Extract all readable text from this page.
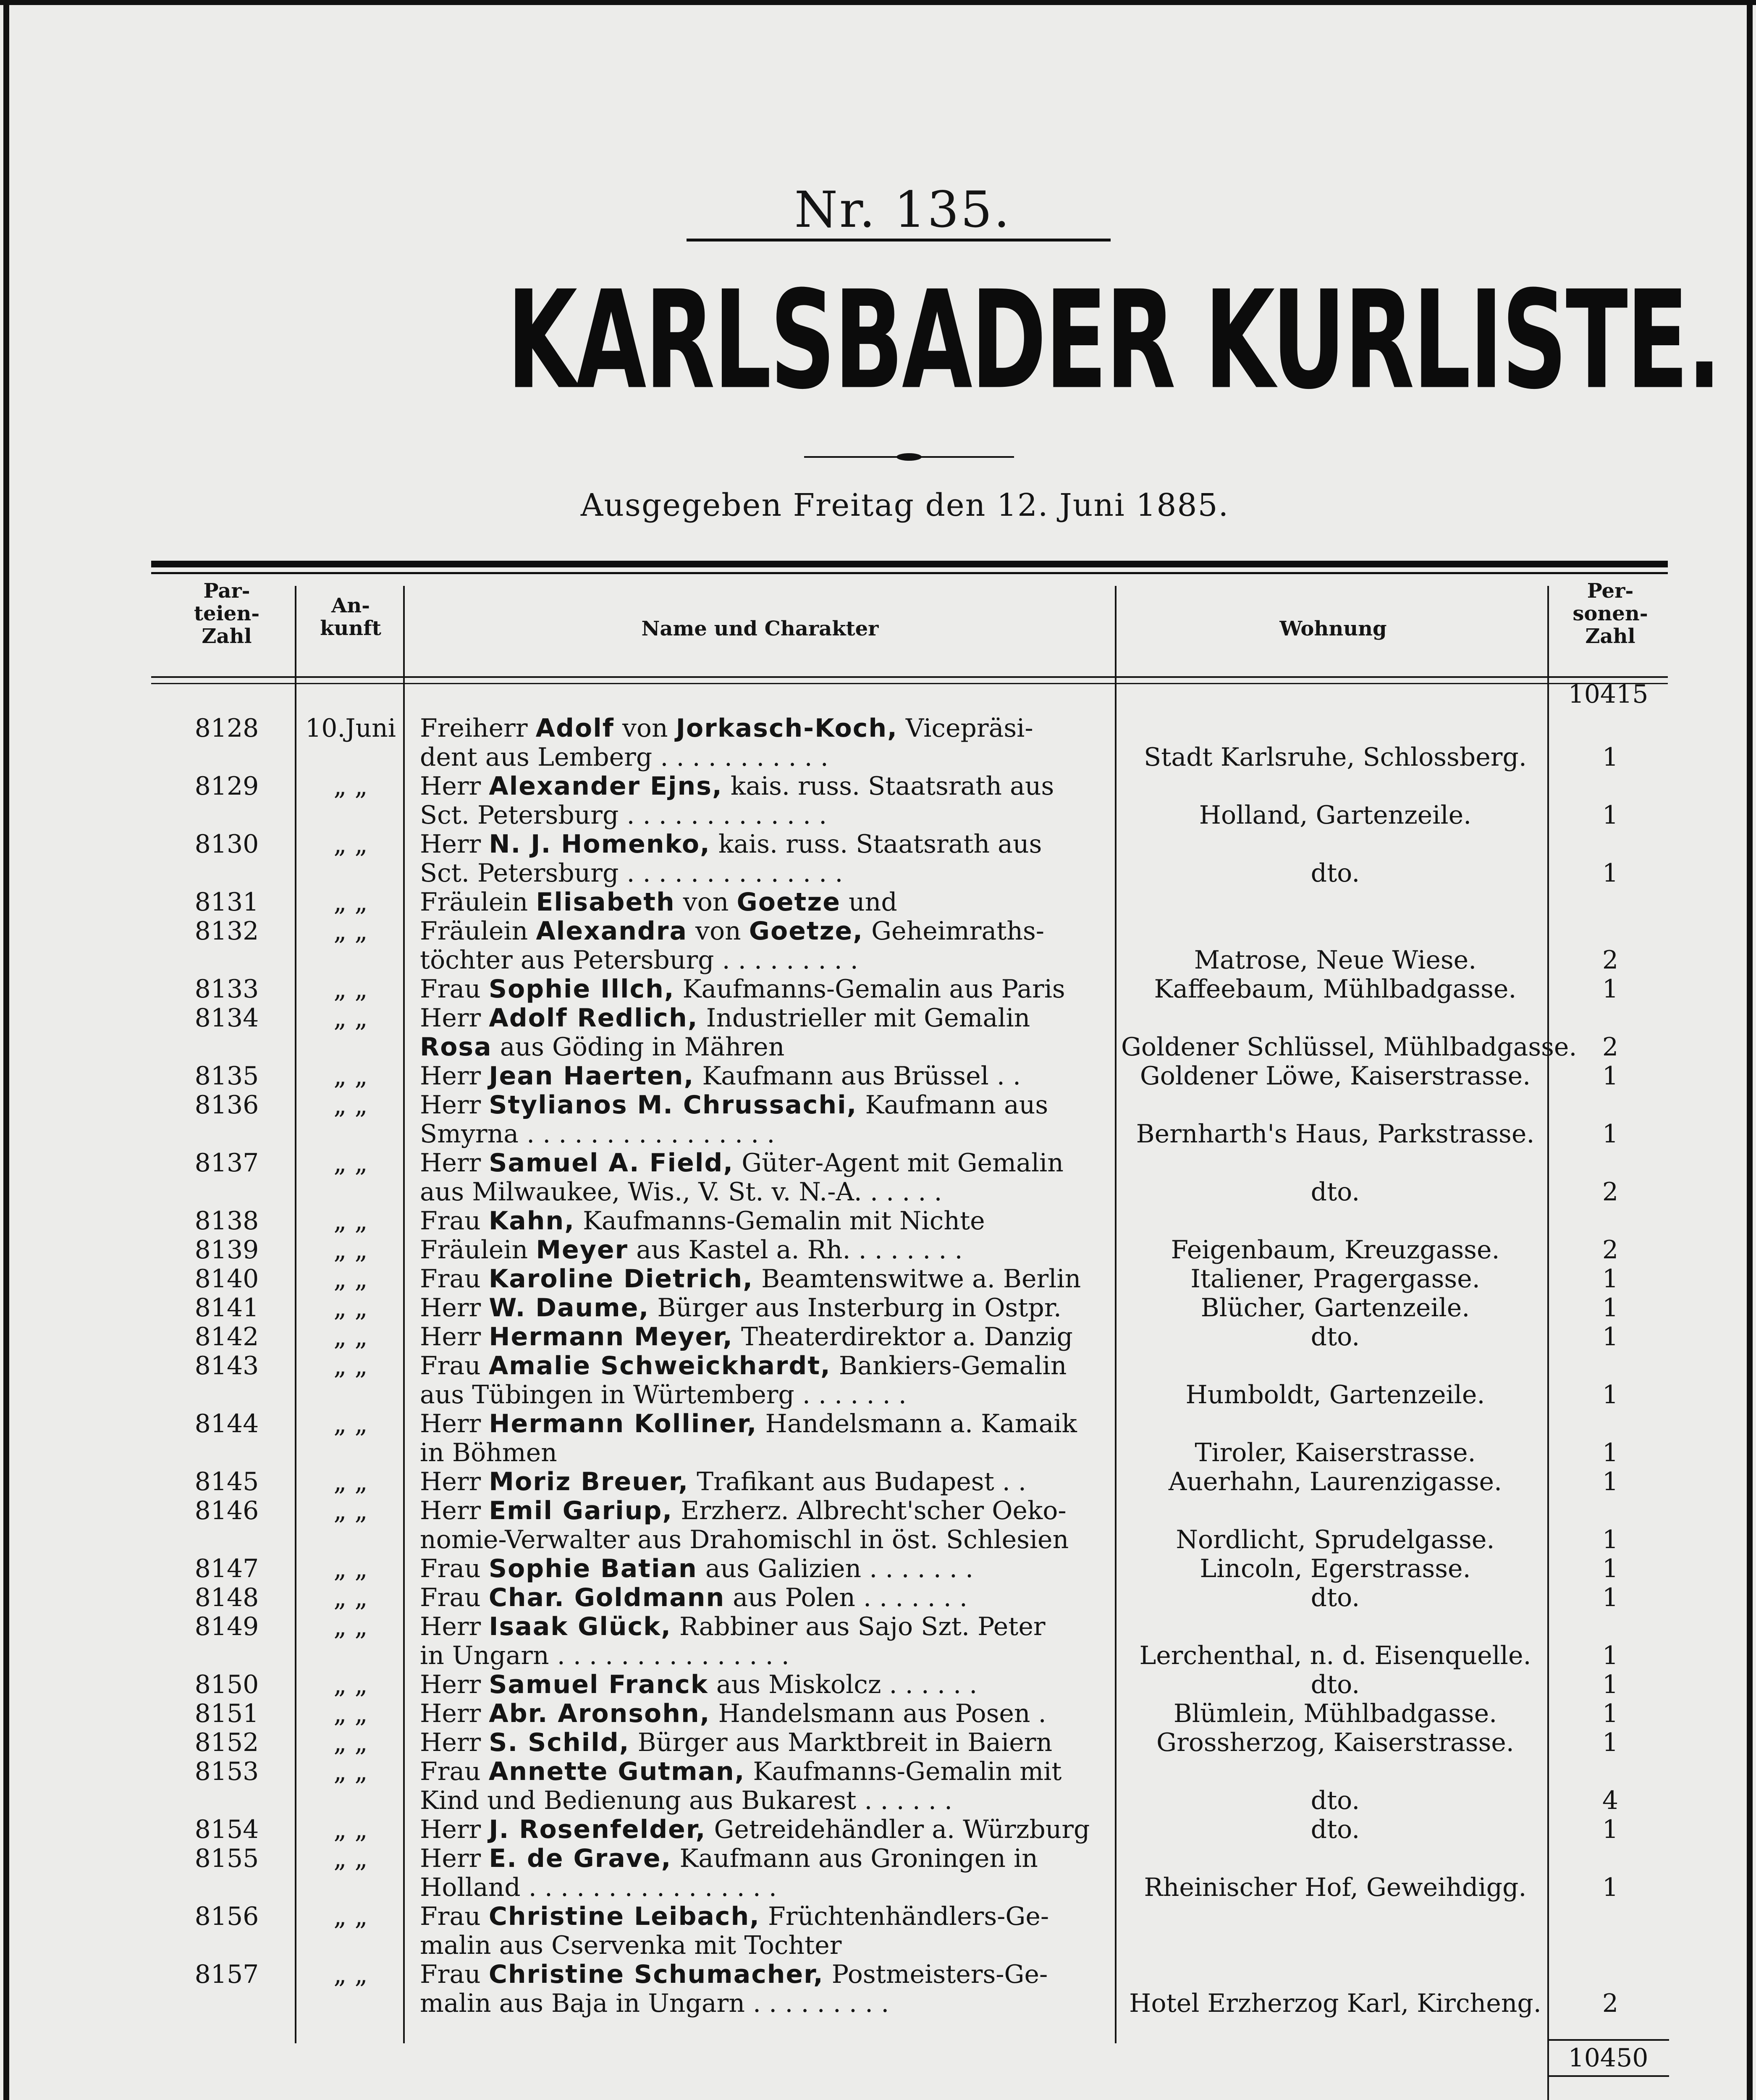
Nr. 135.
KARLSBADER KURLISTE.
Ausgegeben Freitag den 12. Juni 1885.
Par-
teien-
Zahl
An-
kunft	Name und Charakter	Wohnung
Per-
sonen-
Zahl
10415
8128	10.Juni Freiherr Adolf von Jorkasch-Koch, Vicepräsi-
dent aus Lemberg . . . . . . . . . . .	Stadt Karlsruhe, Schlossberg.	1
8129	„ „	Herr Alexander Ejns, kais. russ. Staatsrath aus
Sct. Petersburg . . . . . . . . . . . . .	Holland, Gartenzeile.	1
8130	„ „	Herr N. J. Homenko, kais. russ. Staatsrath aus
Sct. Petersburg . . . . . . . . . . . . . .	dto.	1
8131	„ „	Fräulein Elisabeth von Goetze und
8132	„ „	Fräulein Alexandra von Goetze, Geheimraths-
töchter aus Petersburg . . . . . . . . .	Matrose, Neue Wiese.	2
8133	„ „	Frau Sophie Illch, Kaufmanns-Gemalin aus Paris	Kaffeebaum, Mühlbadgasse.	1
8134	„ „	Herr Adolf Redlich, Industrieller mit Gemalin
Rosa aus Göding in Mähren	Goldener Schlüssel, Mühlbadgasse.	2
8135	„ „	Herr Jean Haerten, Kaufmann aus Brüssel . .	Goldener Löwe, Kaiserstrasse.	1
8136	„ „	Herr Stylianos M. Chrussachi, Kaufmann aus
Smyrna . . . . . . . . . . . . . . . .	Bernharth's Haus, Parkstrasse.	1
8137	„ „	Herr Samuel A. Field, Güter-Agent mit Gemalin
aus Milwaukee, Wis., V. St. v. N.-A. . . . . .	dto.	2
8138	„ „	Frau Kahn, Kaufmanns-Gemalin mit Nichte
8139	„ „	Fräulein Meyer aus Kastel a. Rh. . . . . . . .	Feigenbaum, Kreuzgasse.	2
8140	„ „	Frau Karoline Dietrich, Beamtenswitwe a. Berlin	Italiener, Pragergasse.	1
8141	„ „	Herr W. Daume, Bürger aus Insterburg in Ostpr.	Blücher, Gartenzeile.	1
8142	„ „	Herr Hermann Meyer, Theaterdirektor a. Danzig	dto.	1
8143	„ „	Frau Amalie Schweickhardt, Bankiers-Gemalin
aus Tübingen in Würtemberg . . . . . . .	Humboldt, Gartenzeile.	1
8144	„ „	Herr Hermann Kolliner, Handelsmann a. Kamaik
in Böhmen	Tiroler, Kaiserstrasse.	1
8145	„ „	Herr Moriz Breuer, Trafikant aus Budapest . .	Auerhahn, Laurenzigasse.	1
8146	„ „	Herr Emil Gariup, Erzherz. Albrecht'scher Oeko-
nomie-Verwalter aus Drahomischl in öst. Schlesien	Nordlicht, Sprudelgasse.	1
8147	„ „	Frau Sophie Batian aus Galizien . . . . . . .	Lincoln, Egerstrasse.	1
8148	„ „	Frau Char. Goldmann aus Polen . . . . . . .	dto.	1
8149	„ „	Herr Isaak Glück, Rabbiner aus Sajo Szt. Peter
in Ungarn . . . . . . . . . . . . . . .	Lerchenthal, n. d. Eisenquelle.	1
8150	„ „	Herr Samuel Franck aus Miskolcz . . . . . .	dto.	1
8151	„ „	Herr Abr. Aronsohn, Handelsmann aus Posen .	Blümlein, Mühlbadgasse.	1
8152	„ „	Herr S. Schild, Bürger aus Marktbreit in Baiern	Grossherzog, Kaiserstrasse.	1
8153	„ „	Frau Annette Gutman, Kaufmanns-Gemalin mit
Kind und Bedienung aus Bukarest . . . . . .	dto.	4
8154	„ „	Herr J. Rosenfelder, Getreidehändler a. Würzburg	dto.	1
8155	„ „	Herr E. de Grave, Kaufmann aus Groningen in
Holland . . . . . . . . . . . . . . . .	Rheinischer Hof, Geweihdigg.	1
8156	„ „	Frau Christine Leibach, Früchtenhändlers-Ge-
malin aus Cservenka mit Tochter
8157	„ „	Frau Christine Schumacher, Postmeisters-Ge-
malin aus Baja in Ungarn . . . . . . . . .	Hotel Erzherzog Karl, Kircheng.	2
10450
